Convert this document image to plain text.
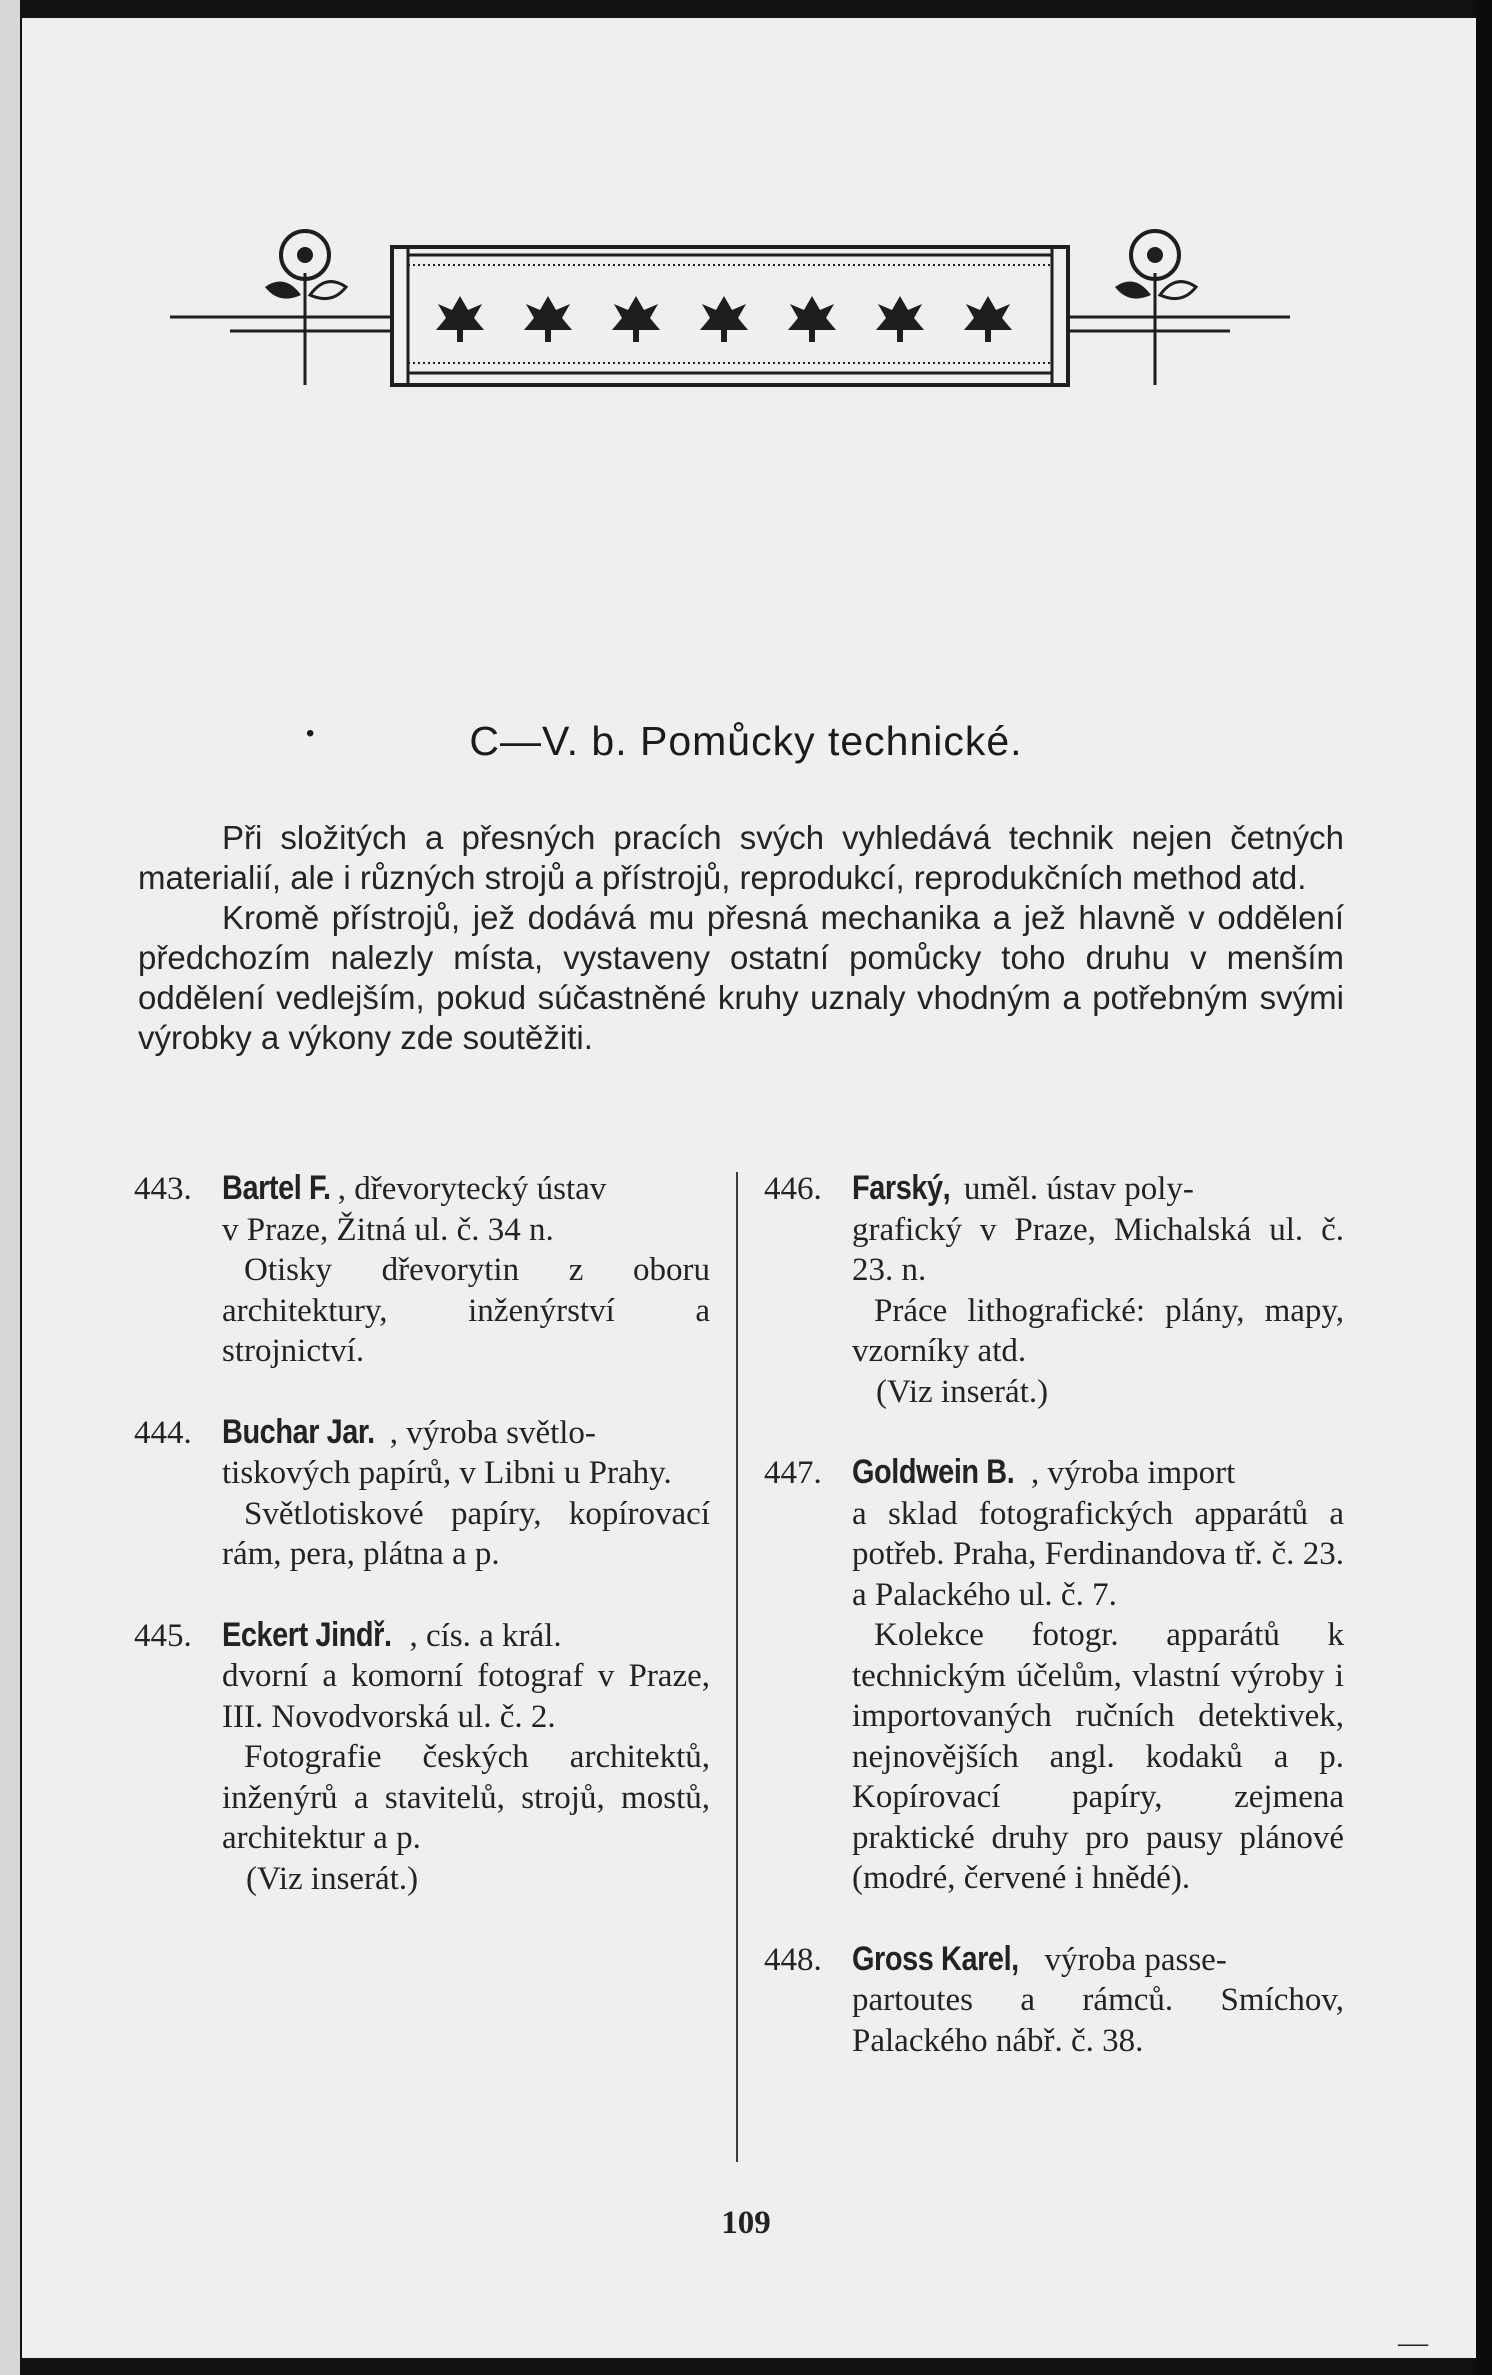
•	C—V. b. Pomůcky technické.

Při složitých a přesných pracích svých vyhledává technik nejen četných materialií, ale i různých strojů a přístrojů, reprodukcí, reprodukčních method atd.

Kromě přístrojů, jež dodává mu přesná mechanika a jež hlavně v oddělení předchozím nalezly místa, vystaveny ostatní pomůcky toho druhu v menším oddělení vedlejším, pokud súčastněné kruhy uznaly vhodným a potřebným svými výrobky a výkony zde soutěžiti.

443. Bartel F. , dřevorytecký ústav
v Praze, Žitná ul. č. 34 n.
Otisky dřevorytin z oboru architektury, inženýrství a strojnictví.
444. Buchar Jar. , výroba světlo-
tiskových papírů, v Libni u Prahy.
Světlotiskové papíry, kopírovací rám, pera, plátna a p.
445. Eckert Jindř. , cís. a král.
dvorní a komorní fotograf v Praze, III. Novodvorská ul. č. 2.
Fotografie českých architektů, inženýrů a stavitelů, strojů, mostů, architektur a p.
(Viz inserát.)
446. Farský, uměl. ústav poly-
grafický v Praze, Michalská ul. č. 23. n.
Práce lithografické: plány, mapy, vzorníky atd.
(Viz inserát.)
447. Goldwein B. , výroba import
a sklad fotografických apparátů a potřeb. Praha, Ferdinandova tř. č. 23. a Palackého ul. č. 7.
Kolekce fotogr. apparátů k technickým účelům, vlastní výroby i importovaných ručních detektivek, nejnovějších angl. kodaků a p. Kopírovací papíry, zejmena praktické druhy pro pausy plánové (modré, červené i hnědé).
448. Gross Karel, výroba passe-
partoutes a rámců. Smíchov, Palackého nábř. č. 38.
109
—
